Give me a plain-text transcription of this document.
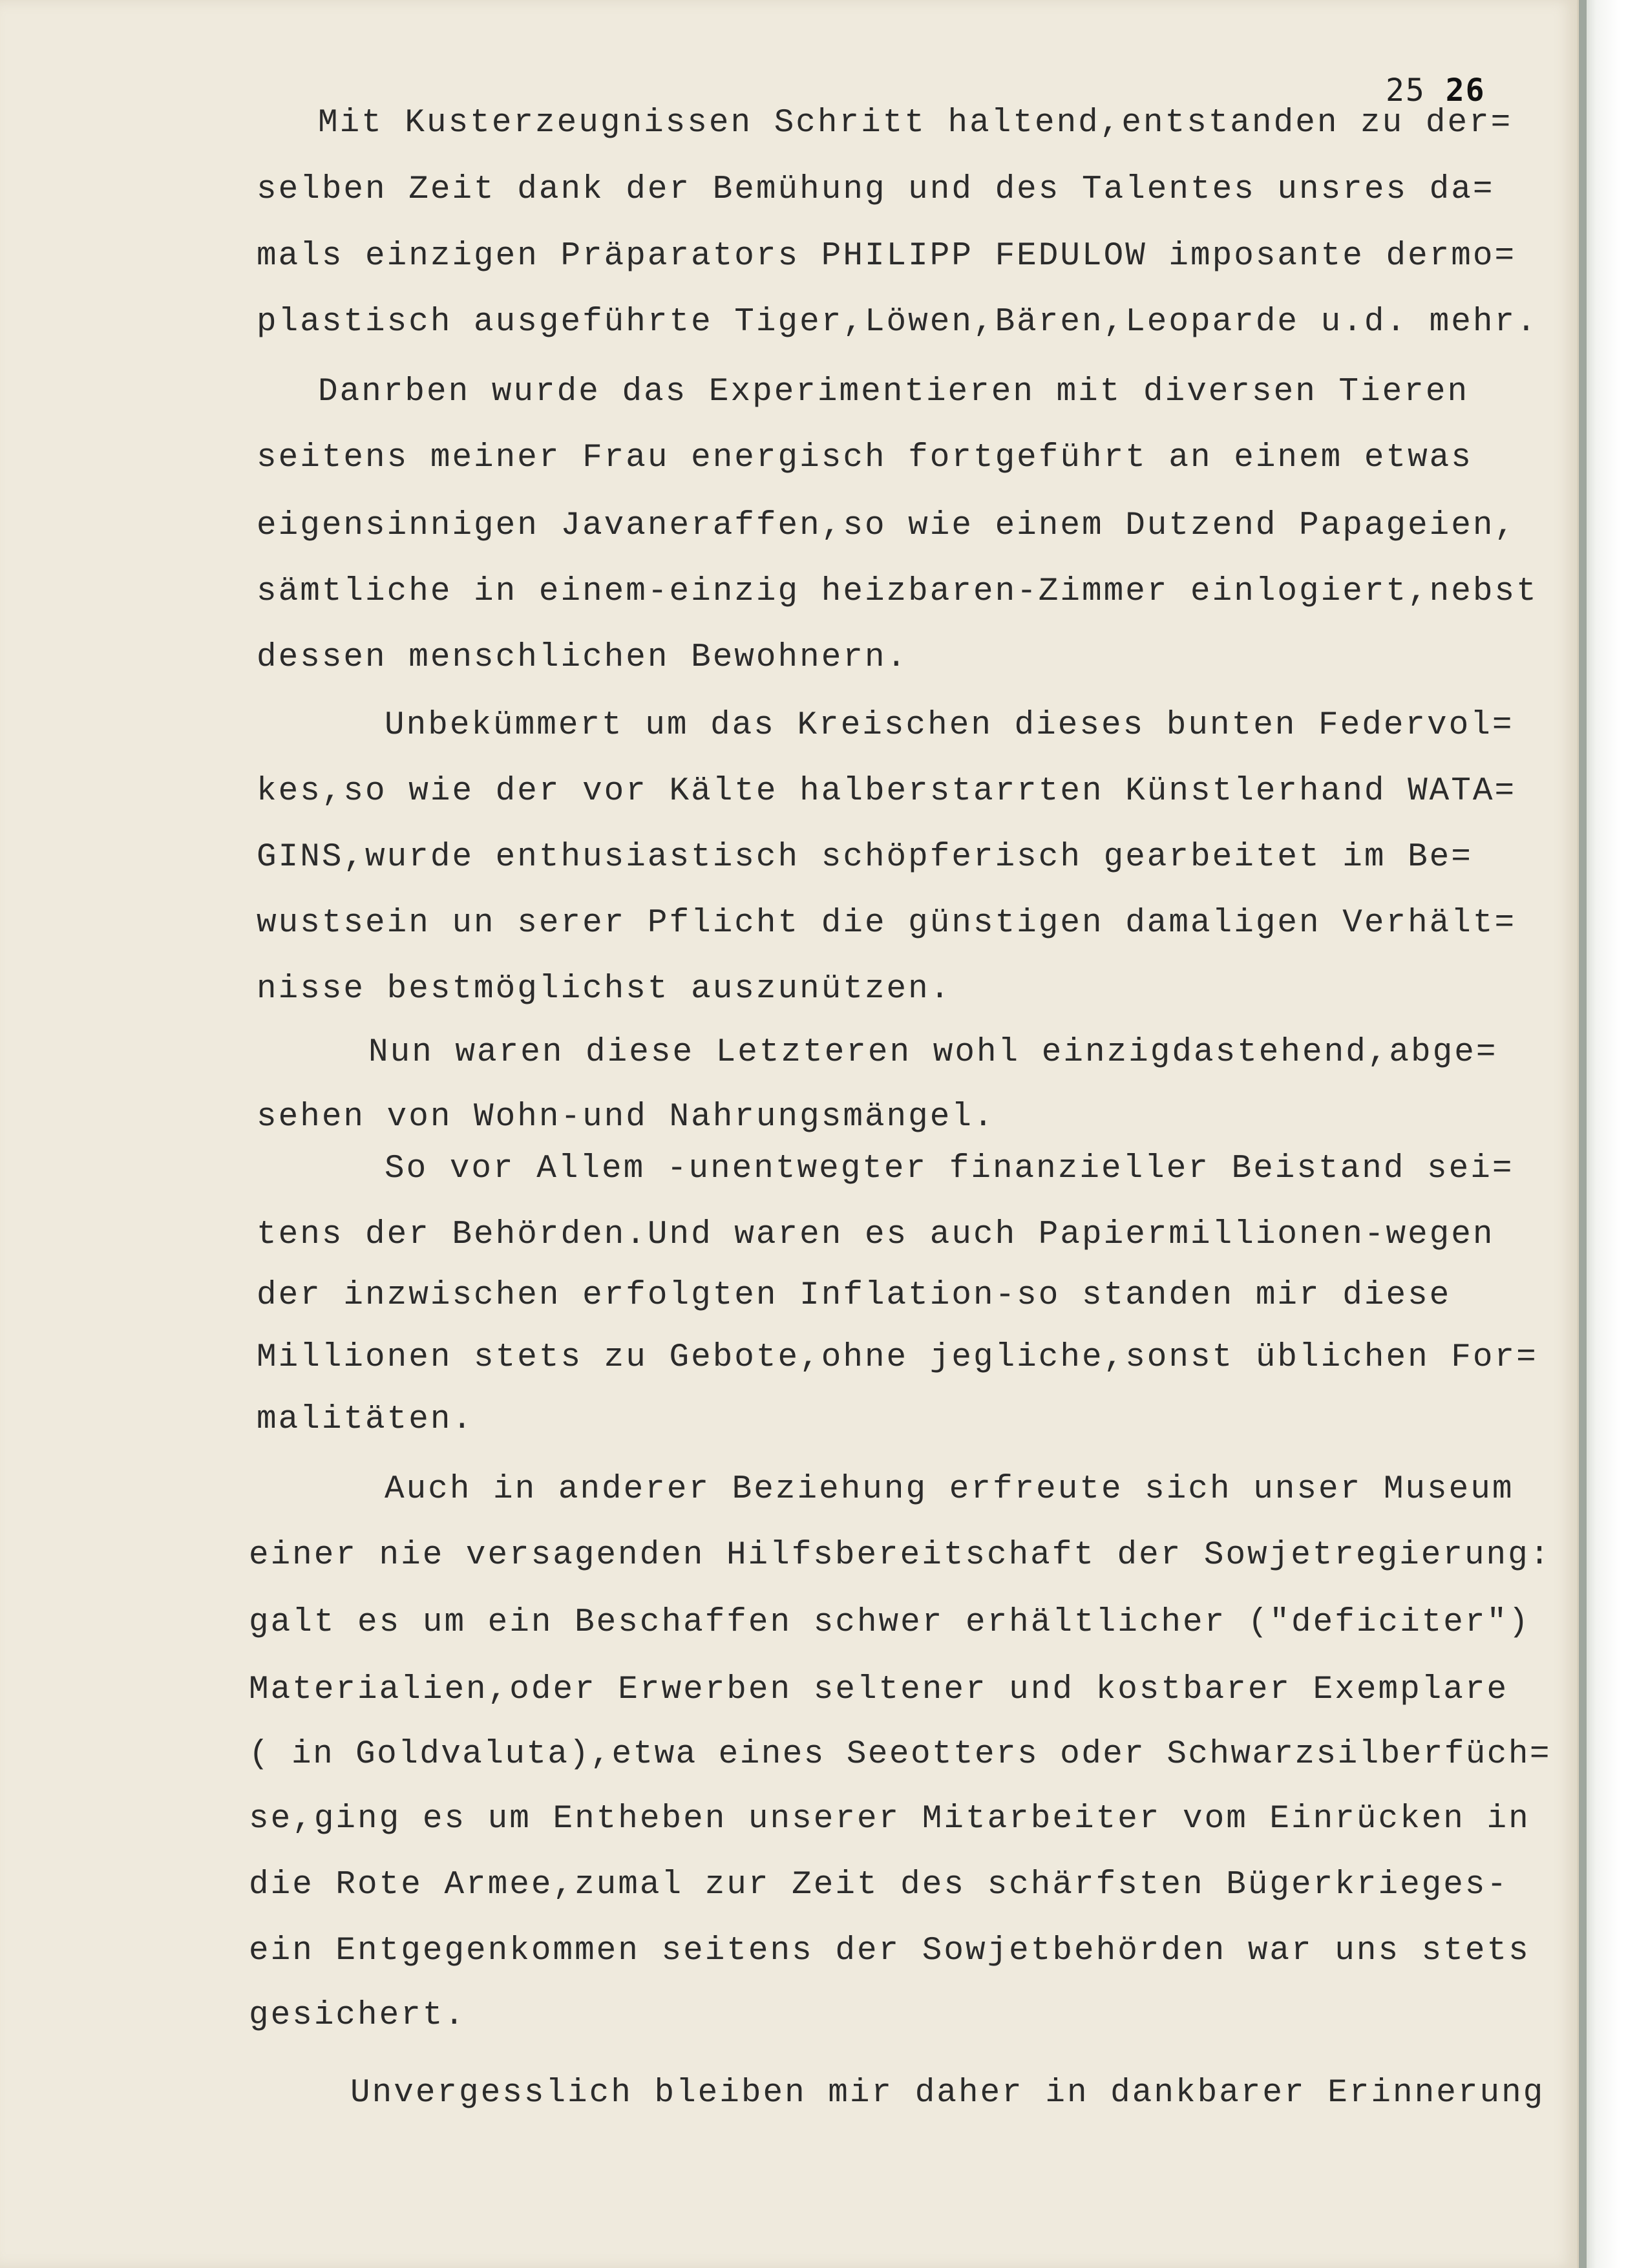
25 26
Mit Kusterzeugnissen Schritt haltend,entstanden zu der=
selben Zeit dank der Bemühung und des Talentes unsres da=
mals einzigen Präparators PHILIPP FEDULOW imposante dermo=
plastisch ausgeführte Tiger,Löwen,Bären,Leoparde u.d. mehr.
Danrben wurde das Experimentieren mit diversen Tieren
seitens meiner Frau energisch fortgeführt an einem etwas
eigensinnigen Javaneraffen,so wie einem Dutzend Papageien,
sämtliche in einem-einzig heizbaren-Zimmer einlogiert,nebst
dessen menschlichen Bewohnern.
Unbekümmert um das Kreischen dieses bunten Federvol=
kes,so wie der vor Kälte halberstarrten Künstlerhand WATA=
GINS,wurde enthusiastisch schöpferisch gearbeitet im Be=
wustsein un serer Pflicht die günstigen damaligen Verhält=
nisse bestmöglichst auszunützen.
Nun waren diese Letzteren wohl einzigdastehend,abge=
sehen von Wohn-und Nahrungsmängel.
So vor Allem -unentwegter finanzieller Beistand sei=
tens der Behörden.Und waren es auch Papiermillionen-wegen
der inzwischen erfolgten Inflation-so standen mir diese
Millionen stets zu Gebote,ohne jegliche,sonst üblichen For=
malitäten.
Auch in anderer Beziehung erfreute sich unser Museum
einer nie versagenden Hilfsbereitschaft der Sowjetregierung:
galt es um ein Beschaffen schwer erhältlicher ("deficiter")
Materialien,oder Erwerben seltener und kostbarer Exemplare
( in Goldvaluta),etwa eines Seeotters oder Schwarzsilberfüch=
se,ging es um Entheben unserer Mitarbeiter vom Einrücken in
die Rote Armee,zumal zur Zeit des schärfsten Bügerkrieges-
ein Entgegenkommen seitens der Sowjetbehörden war uns stets
gesichert.
Unvergesslich bleiben mir daher in dankbarer Erinnerung
